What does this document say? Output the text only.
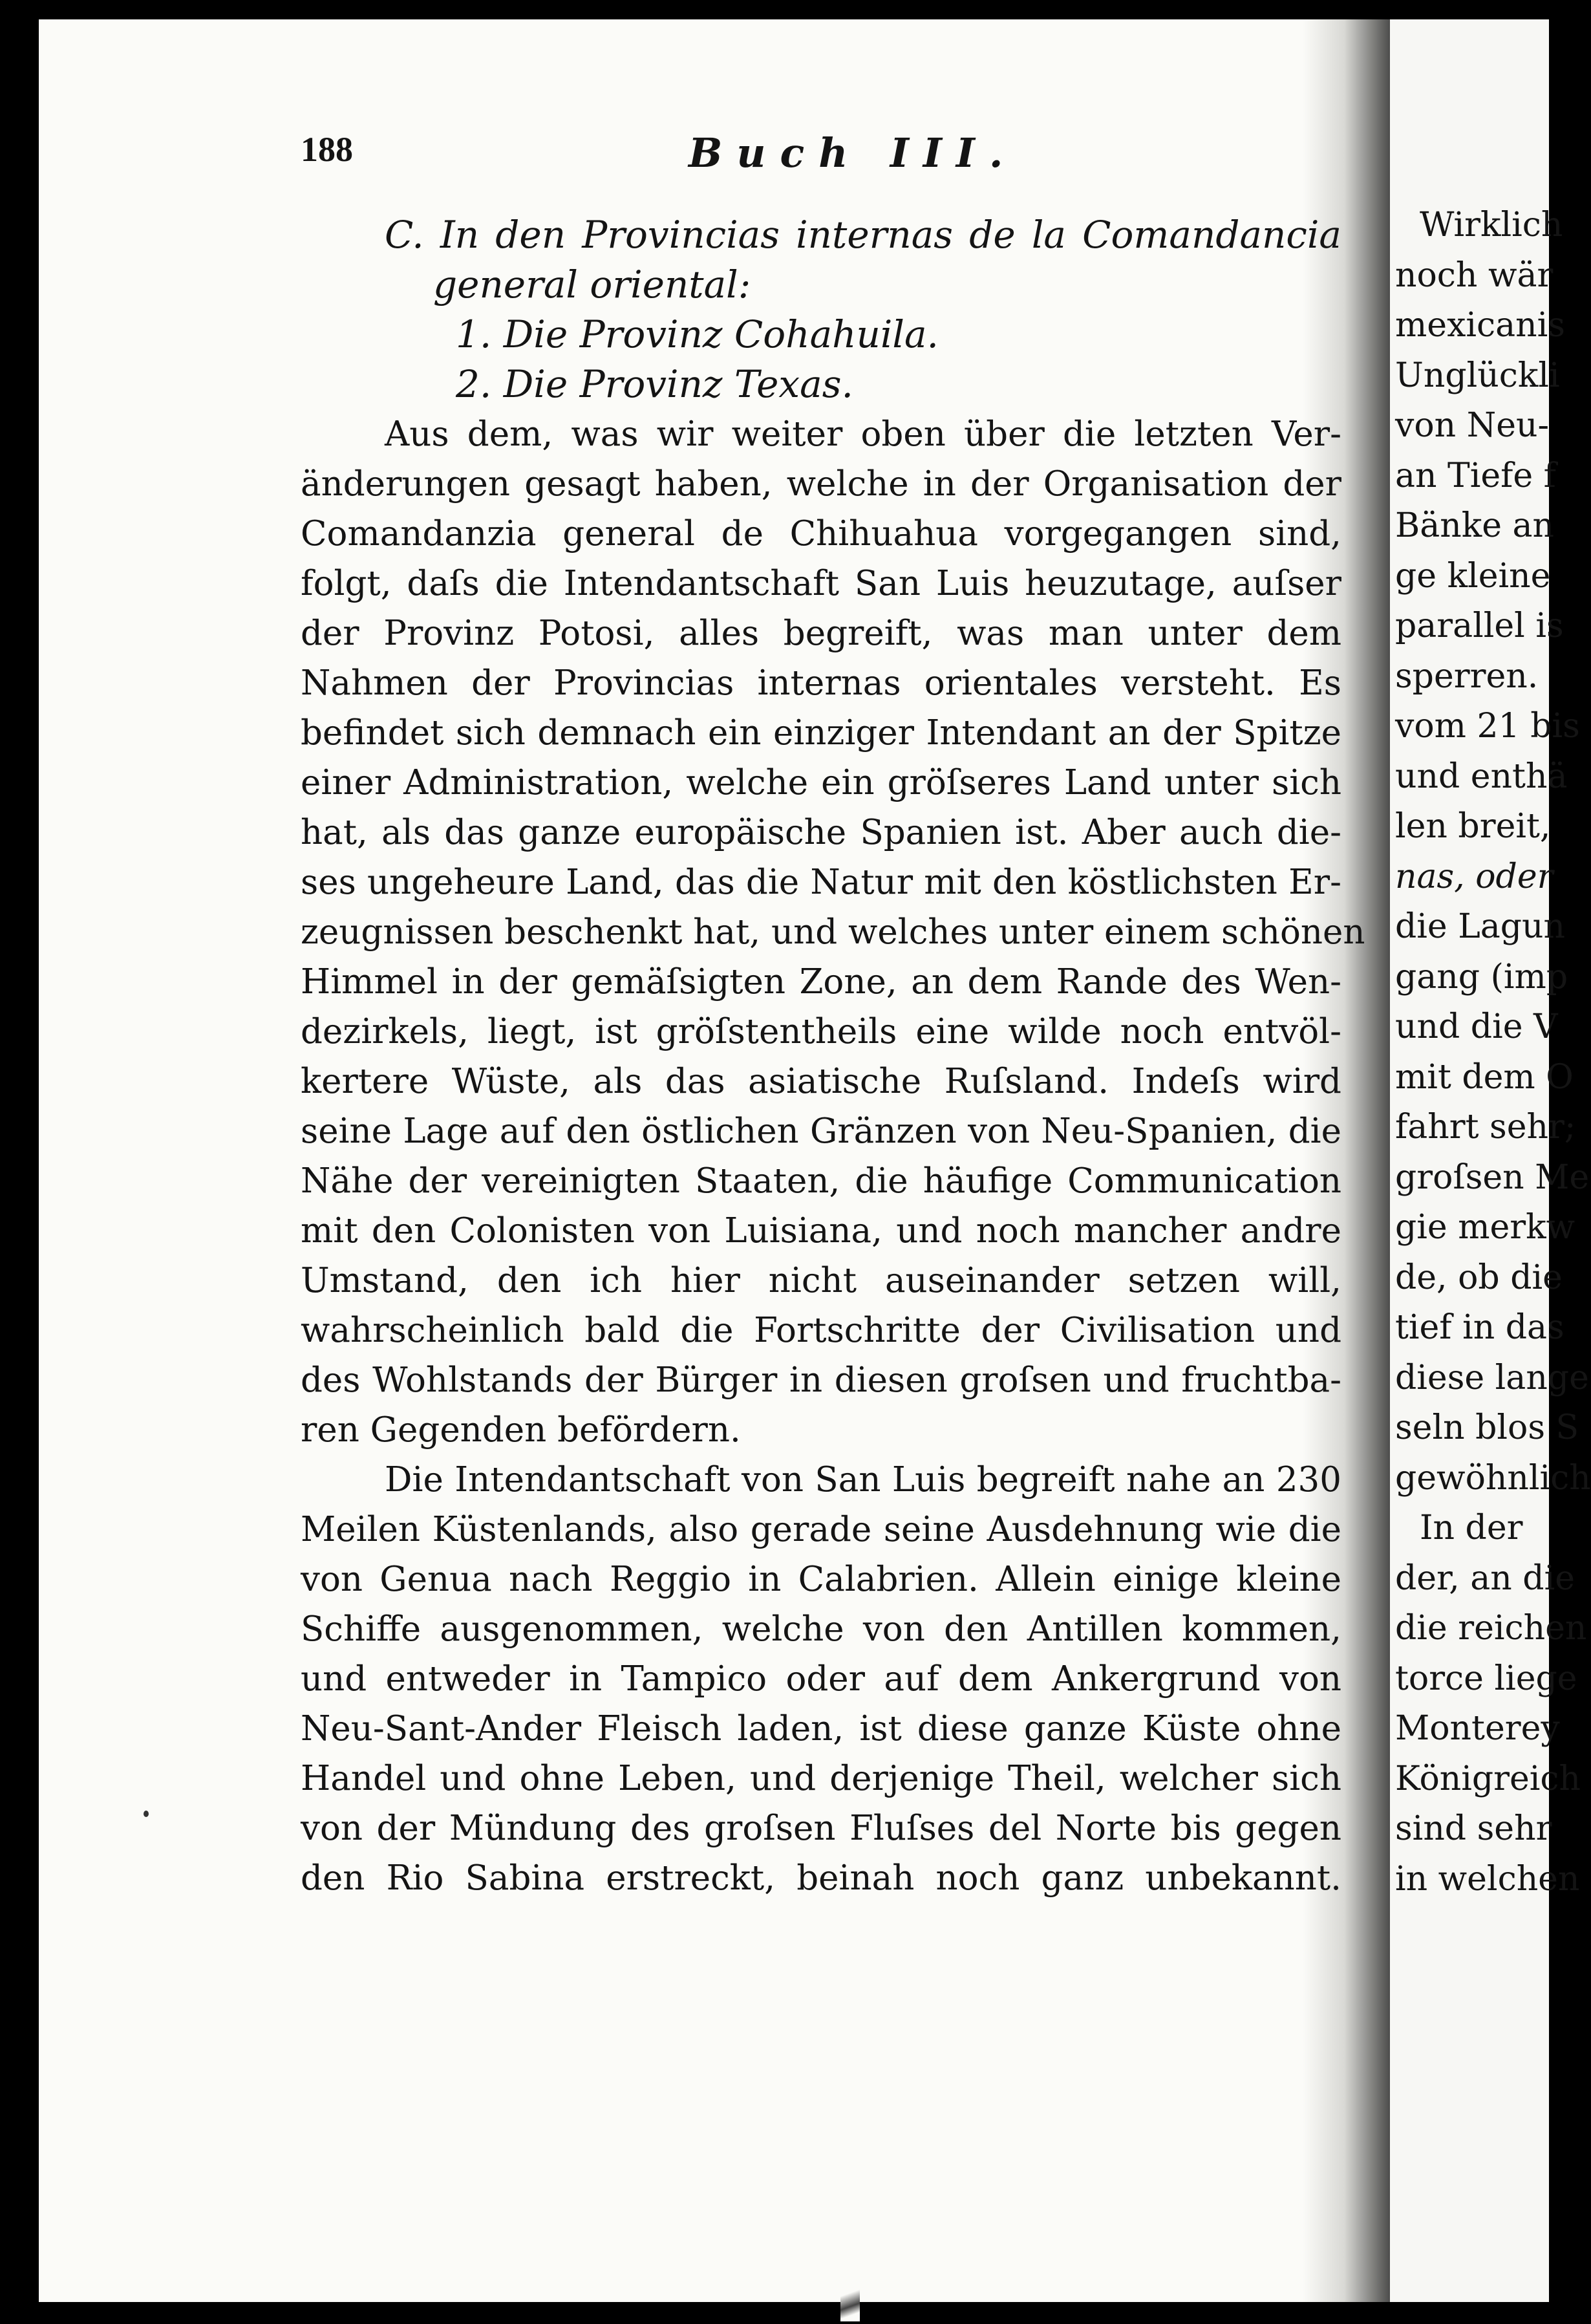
188	Buch III.
C. In den Provincias internas de la Comandancia
general oriental:
1. Die Provinz Cohahuila.
2. Die Provinz Texas.
Aus dem, was wir weiter oben über die letzten Ver-
änderungen gesagt haben, welche in der Organisation der
Comandanzia general de Chihuahua vorgegangen sind,
folgt, daſs die Intendantschaft San Luis heuzutage, auſser
der Provinz Potosi, alles begreift, was man unter dem
Nahmen der Provincias internas orientales versteht. Es
befindet sich demnach ein einziger Intendant an der Spitze
einer Administration, welche ein gröſseres Land unter sich
hat, als das ganze europäische Spanien ist. Aber auch die-
ses ungeheure Land, das die Natur mit den köstlichsten Er-
zeugnissen beschenkt hat, und welches unter einem schönen
Himmel in der gemäſsigten Zone, an dem Rande des Wen-
dezirkels, liegt, ist gröſstentheils eine wilde noch entvöl-
kertere Wüste, als das asiatische Ruſsland. Indeſs wird
seine Lage auf den östlichen Gränzen von Neu-Spanien, die
Nähe der vereinigten Staaten, die häufige Communication
mit den Colonisten von Luisiana, und noch mancher andre
Umstand, den ich hier nicht auseinander setzen will,
wahrscheinlich bald die Fortschritte der Civilisation und
des Wohlstands der Bürger in diesen groſsen und fruchtba-
ren Gegenden befördern.
Die Intendantschaft von San Luis begreift nahe an 230
Meilen Küstenlands, also gerade seine Ausdehnung wie die
von Genua nach Reggio in Calabrien. Allein einige kleine
Schiffe ausgenommen, welche von den Antillen kommen,
und entweder in Tampico oder auf dem Ankergrund von
Neu-Sant-Ander Fleisch laden, ist diese ganze Küste ohne
Handel und ohne Leben, und derjenige Theil, welcher sich
von der Mündung des groſsen Fluſses del Norte bis gegen
den Rio Sabina erstreckt, beinah noch ganz unbekannt.
Wirklich
noch wär
mexicanis
Unglückli
von Neu-
an Tiefe f
Bänke an
ge kleine
parallel is
sperren.
vom 21 bis
und enthä
len breit,
nas, oder
die Lagun
gang (imp
und die V
mit dem O
fahrt sehr;
groſsen Me
gie merkw
de, ob die
tief in das
diese lange
seln blos S
gewöhnlich
In der
der, an die
die reichen
torce liege
Monterey
Königreich
sind sehr
in welchen
